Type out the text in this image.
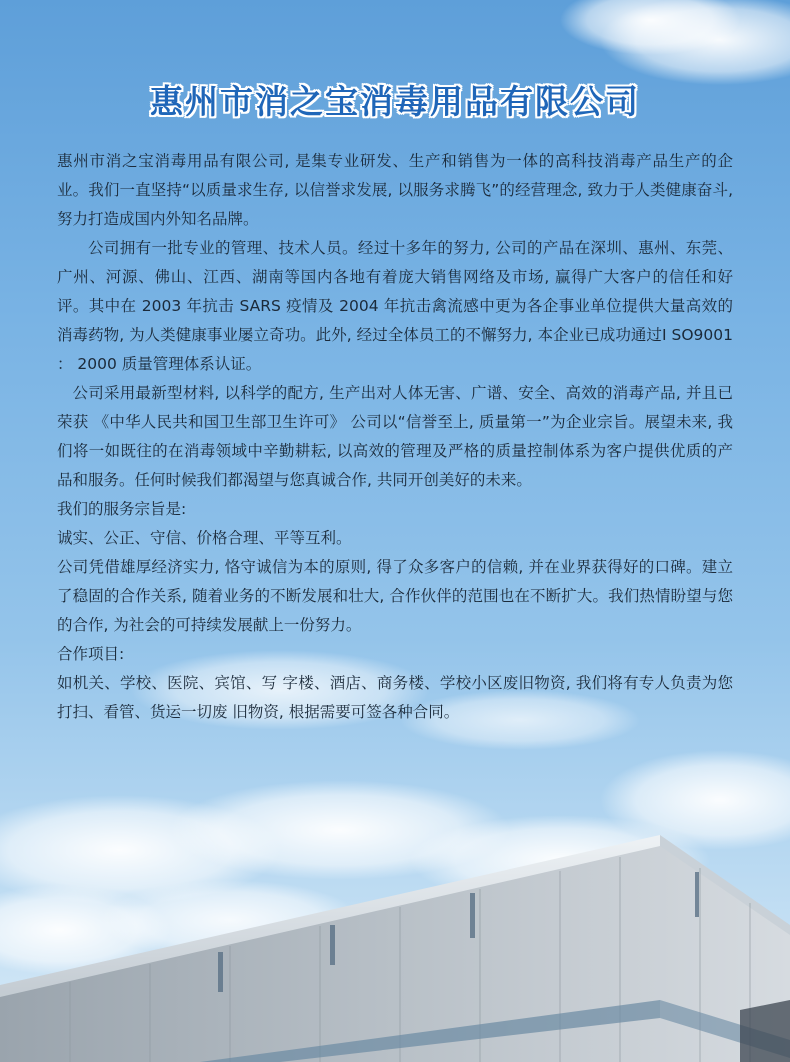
惠州市消之宝消毒用品有限公司

惠州市消之宝消毒用品有限公司, 是集专业研发、生产和销售为一体的高科技消毒产品生产的企业。我们一直坚持“以质量求生存, 以信誉求发展, 以服务求腾飞”的经营理念, 致力于人类健康奋斗, 努力打造成国内外知名品牌。

公司拥有一批专业的管理、技术人员。经过十多年的努力, 公司的产品在深圳、惠州、东莞、广州、河源、佛山、江西、湖南等国内各地有着庞大销售网络及市场, 赢得广大客户的信任和好评。其中在 2003 年抗击 SARS 疫情及 2004 年抗击禽流感中更为各企事业单位提供大量高效的消毒药物, 为人类健康事业屡立奇功。此外, 经过全体员工的不懈努力, 本企业已成功通过I SO9001 ： 2000 质量管理体系认证。

公司采用最新型材料, 以科学的配方, 生产出对人体无害、广谱、安全、高效的消毒产品, 并且已荣获 《中华人民共和国卫生部卫生许可》 公司以“信誉至上, 质量第一”为企业宗旨。展望未来, 我们将一如既往的在消毒领域中辛勤耕耘, 以高效的管理及严格的质量控制体系为客户提供优质的产品和服务。任何时候我们都渴望与您真诚合作, 共同开创美好的未来。

我们的服务宗旨是:

诚实、公正、守信、价格合理、平等互利。

公司凭借雄厚经济实力, 恪守诚信为本的原则, 得了众多客户的信赖, 并在业界获得好的口碑。建立了稳固的合作关系, 随着业务的不断发展和壮大, 合作伙伴的范围也在不断扩大。我们热情盼望与您的合作, 为社会的可持续发展献上一份努力。

合作项目:

如机关、学校、医院、宾馆、写 字楼、酒店、商务楼、学校小区废旧物资, 我们将有专人负责为您打扫、看管、货运一切废 旧物资, 根据需要可签各种合同。
